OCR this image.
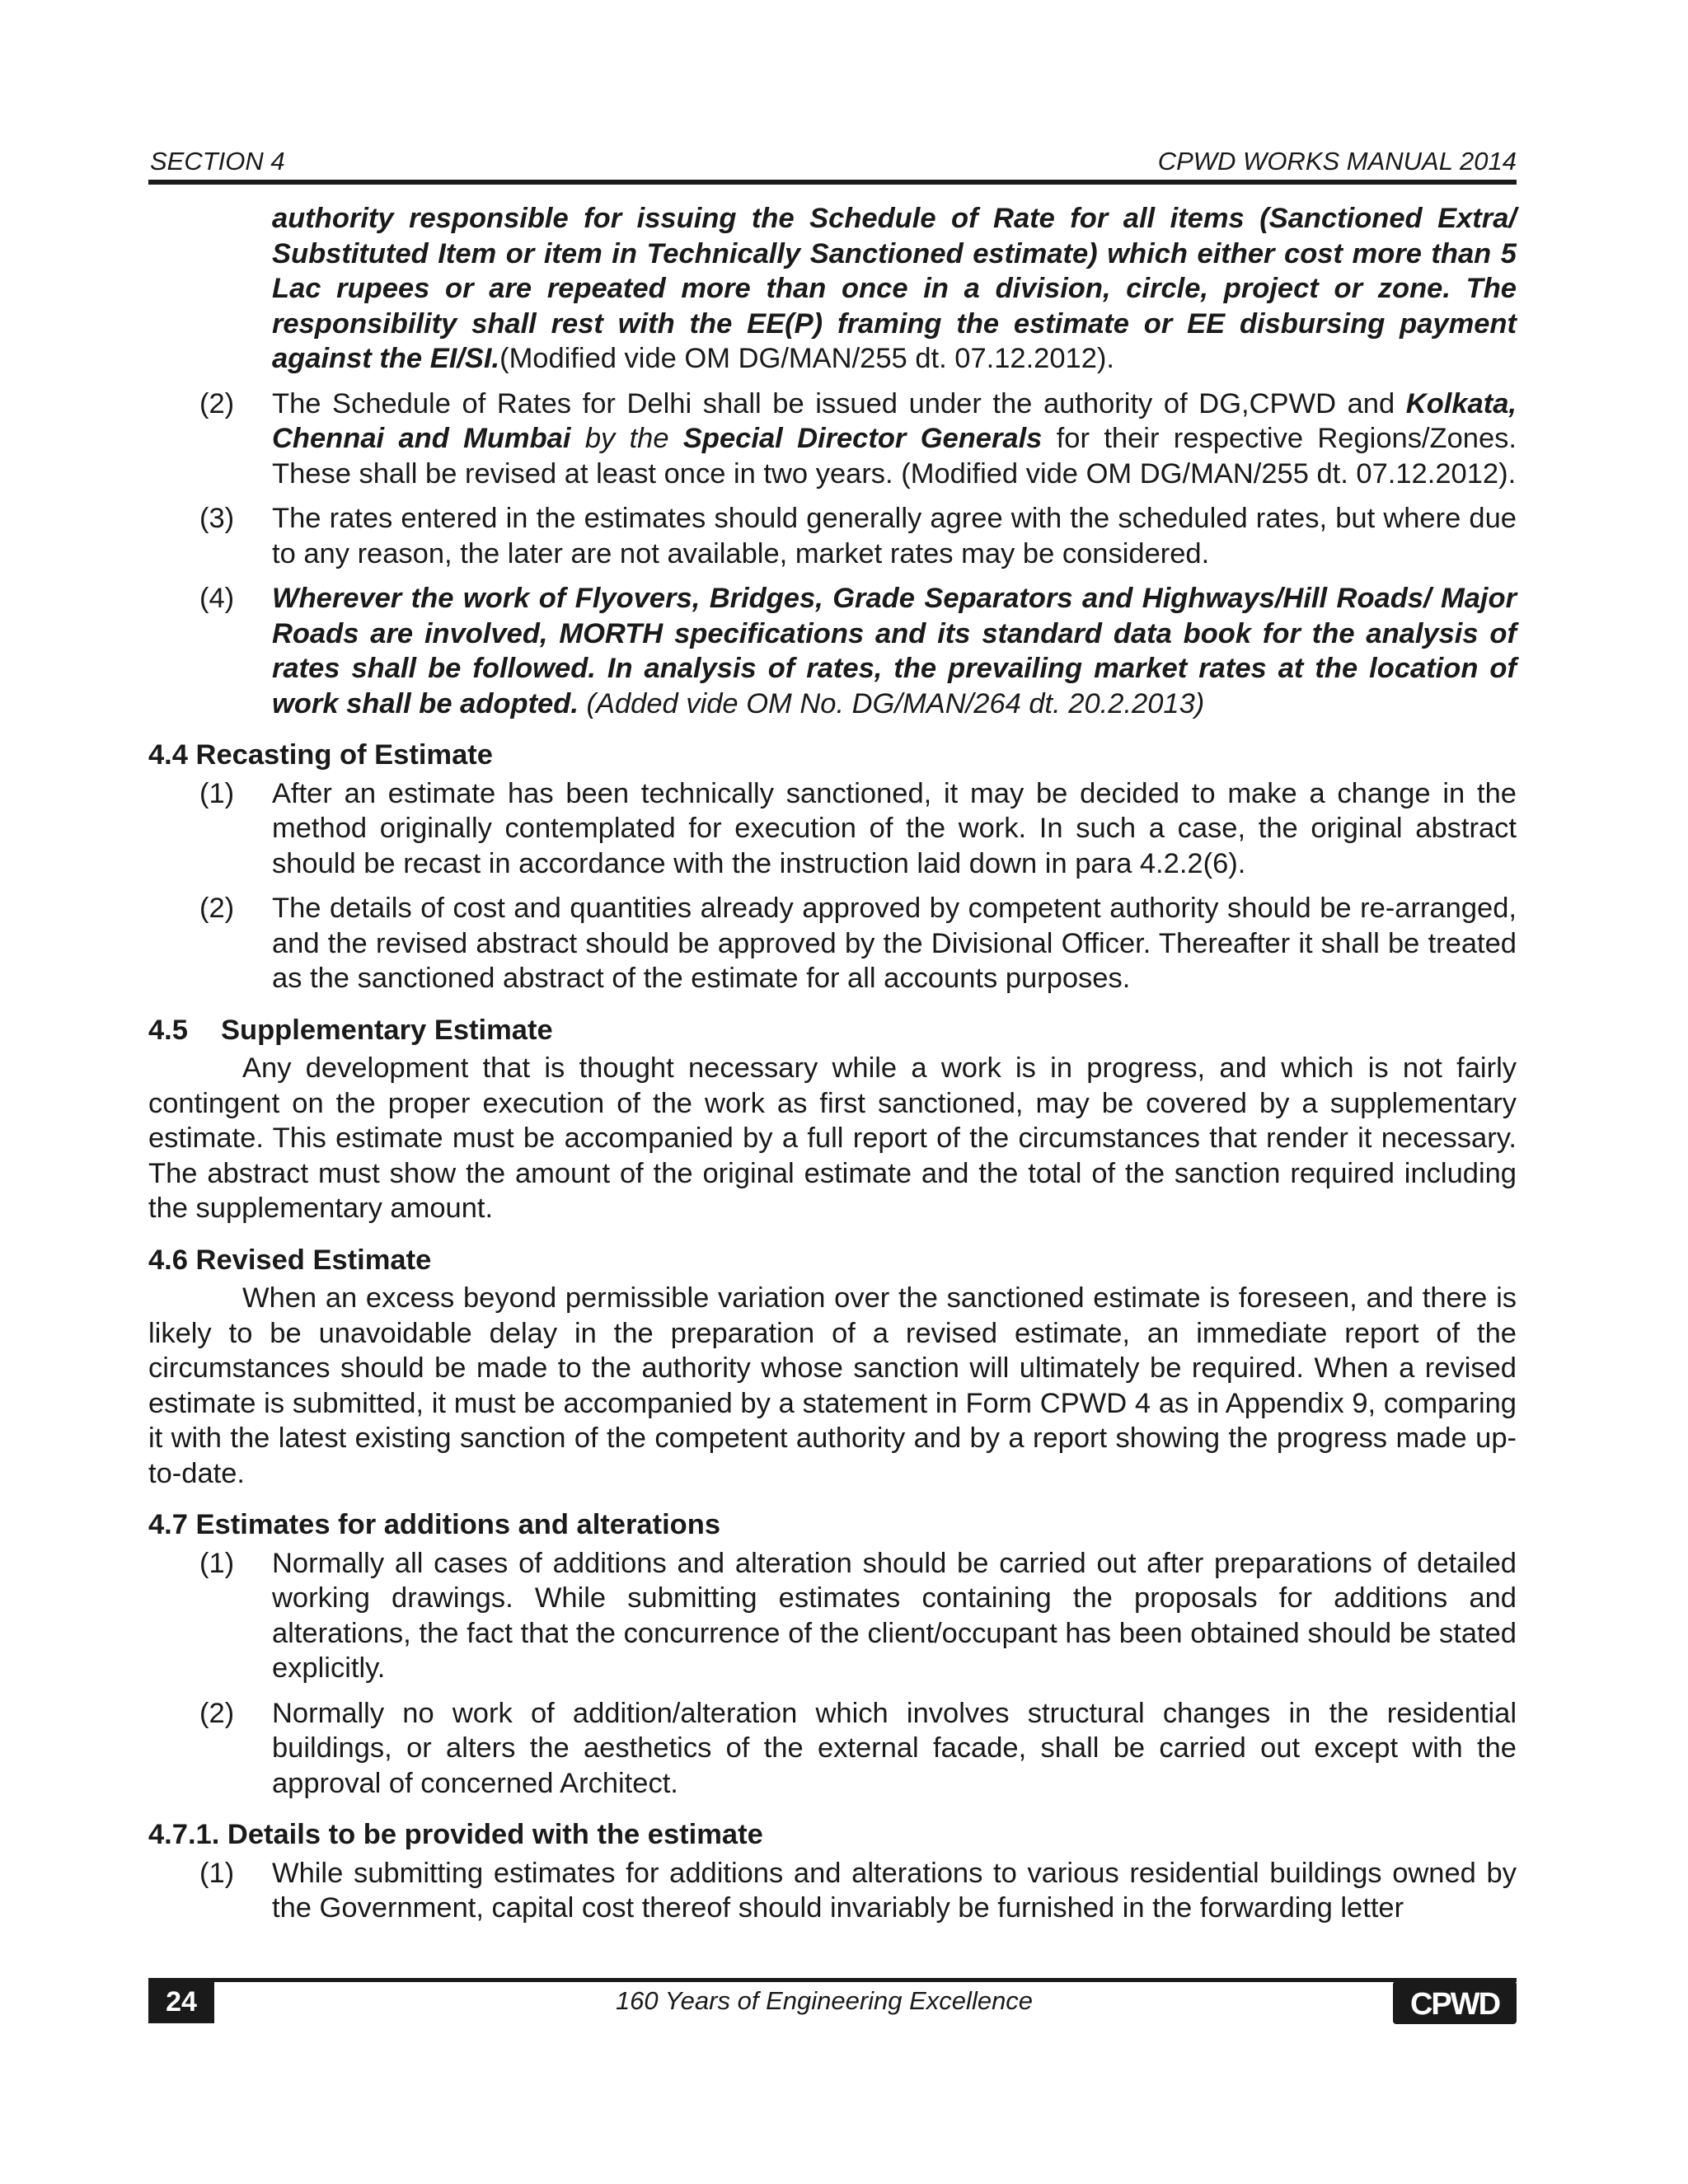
SECTION 4	CPWD WORKS MANUAL 2014
authority responsible for issuing the Schedule of Rate for all items (Sanctioned Extra/ Substituted Item or item in Technically Sanctioned estimate) which either cost more than 5 Lac rupees or are repeated more than once in a division, circle, project or zone. The responsibility shall rest with the EE(P) framing the estimate or EE disbursing payment against the EI/SI.(Modified vide OM DG/MAN/255 dt. 07.12.2012).
(2) The Schedule of Rates for Delhi shall be issued under the authority of DG,CPWD and Kolkata, Chennai and Mumbai by the Special Director Generals for their respective Regions/Zones. These shall be revised at least once in two years. (Modified vide OM DG/MAN/255 dt. 07.12.2012).
(3) The rates entered in the estimates should generally agree with the scheduled rates, but where due to any reason, the later are not available, market rates may be considered.
(4) Wherever the work of Flyovers, Bridges, Grade Separators and Highways/Hill Roads/ Major Roads are involved, MORTH specifications and its standard data book for the analysis of rates shall be followed. In analysis of rates, the prevailing market rates at the location of work shall be adopted. (Added vide OM No. DG/MAN/264 dt. 20.2.2013)
4.4 Recasting of Estimate
(1) After an estimate has been technically sanctioned, it may be decided to make a change in the method originally contemplated for execution of the work. In such a case, the original abstract should be recast in accordance with the instruction laid down in para 4.2.2(6).
(2) The details of cost and quantities already approved by competent authority should be re-arranged, and the revised abstract should be approved by the Divisional Officer. Thereafter it shall be treated as the sanctioned abstract of the estimate for all accounts purposes.
4.5 Supplementary Estimate
Any development that is thought necessary while a work is in progress, and which is not fairly contingent on the proper execution of the work as first sanctioned, may be covered by a supplementary estimate. This estimate must be accompanied by a full report of the circumstances that render it necessary. The abstract must show the amount of the original estimate and the total of the sanction required including the supplementary amount.
4.6 Revised Estimate
When an excess beyond permissible variation over the sanctioned estimate is foreseen, and there is likely to be unavoidable delay in the preparation of a revised estimate, an immediate report of the circumstances should be made to the authority whose sanction will ultimately be required. When a revised estimate is submitted, it must be accompanied by a statement in Form CPWD 4 as in Appendix 9, comparing it with the latest existing sanction of the competent authority and by a report showing the progress made up-to-date.
4.7 Estimates for additions and alterations
(1) Normally all cases of additions and alteration should be carried out after preparations of detailed working drawings. While submitting estimates containing the proposals for additions and alterations, the fact that the concurrence of the client/occupant has been obtained should be stated explicitly.
(2) Normally no work of addition/alteration which involves structural changes in the residential buildings, or alters the aesthetics of the external facade, shall be carried out except with the approval of concerned Architect.
4.7.1. Details to be provided with the estimate
(1) While submitting estimates for additions and alterations to various residential buildings owned by the Government, capital cost thereof should invariably be furnished in the forwarding letter
24	160 Years of Engineering Excellence	CPWD
